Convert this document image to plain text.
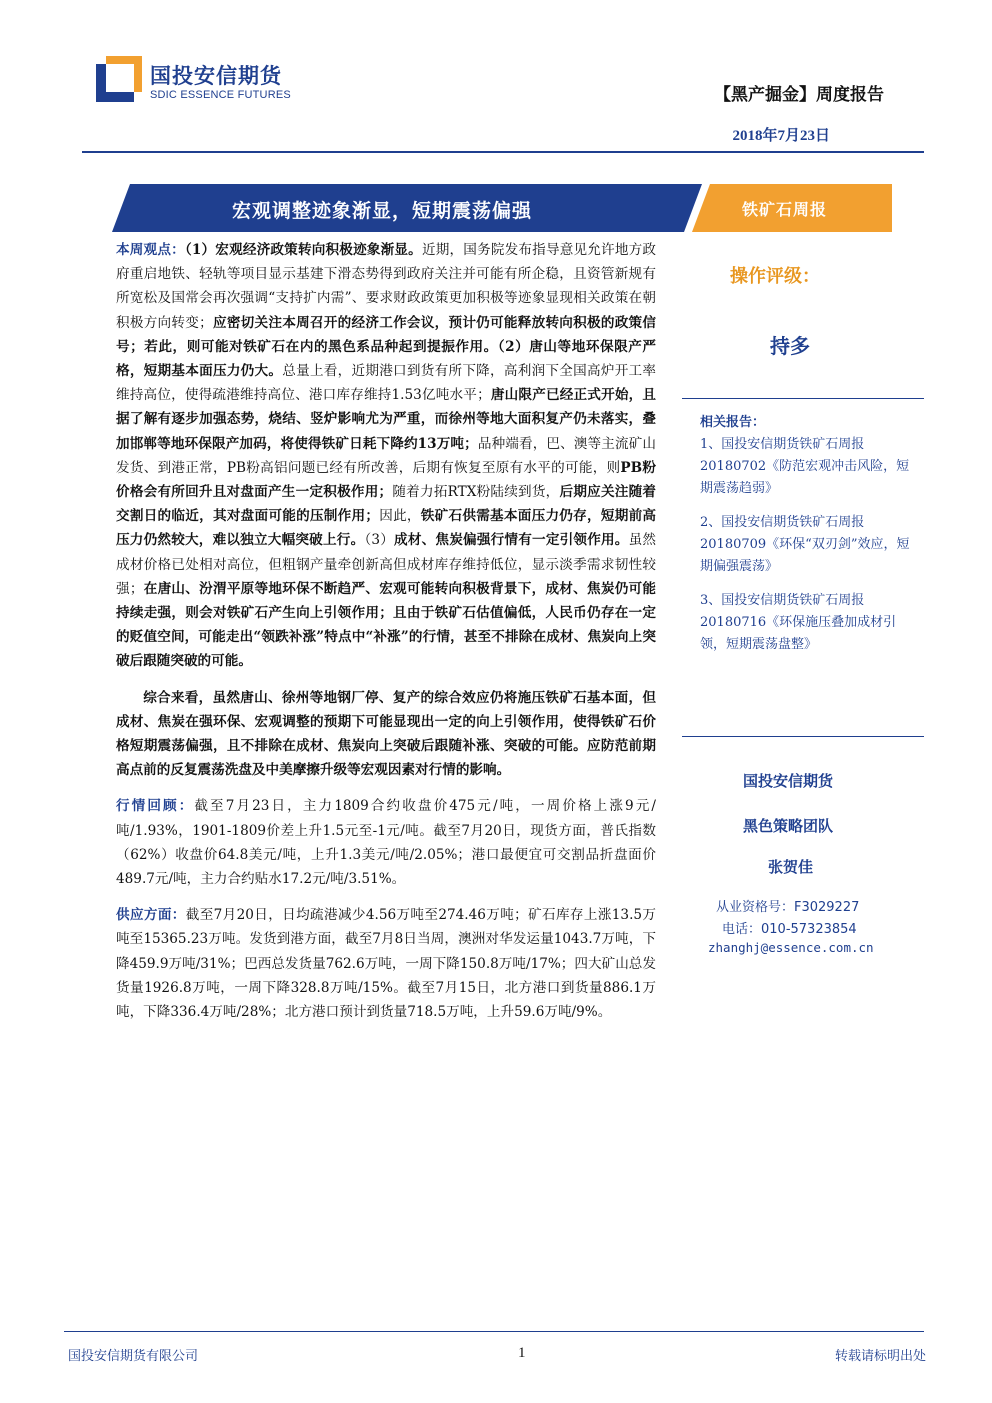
国投安信期货
SDIC ESSENCE FUTURES	【黑产掘金】周度报告
2018年7月23日
宏观调整迹象渐显，短期震荡偏强	铁矿石周报

本周观点：（1）宏观经济政策转向积极迹象渐显。近期，国务院发布指导意见允许地方政府重启地铁、轻轨等项目显示基建下滑态势得到政府关注并可能有所企稳，且资管新规有所宽松及国常会再次强调“支持扩内需”、要求财政政策更加积极等迹象显现相关政策在朝积极方向转变；应密切关注本周召开的经济工作会议，预计仍可能释放转向积极的政策信号；若此，则可能对铁矿石在内的黑色系品种起到提振作用。（2）唐山等地环保限产严格，短期基本面压力仍大。总量上看，近期港口到货有所下降，高利润下全国高炉开工率维持高位，使得疏港维持高位、港口库存维持1.53亿吨水平；唐山限产已经正式开始，且据了解有逐步加强态势，烧结、竖炉影响尤为严重，而徐州等地大面积复产仍未落实，叠加邯郸等地环保限产加码，将使得铁矿日耗下降约13万吨；品种端看，巴、澳等主流矿山发货、到港正常，PB粉高铝问题已经有所改善，后期有恢复至原有水平的可能，则PB粉价格会有所回升且对盘面产生一定积极作用；随着力拓RTX粉陆续到货，后期应关注随着交割日的临近，其对盘面可能的压制作用；因此，铁矿石供需基本面压力仍存，短期前高压力仍然较大，难以独立大幅突破上行。（3）成材、焦炭偏强行情有一定引领作用。虽然成材价格已处相对高位，但粗钢产量牵创新高但成材库存维持低位，显示淡季需求韧性较强；在唐山、汾渭平原等地环保不断趋严、宏观可能转向积极背景下，成材、焦炭仍可能持续走强，则会对铁矿石产生向上引领作用；且由于铁矿石估值偏低，人民币仍存在一定的贬值空间，可能走出“领跌补涨”特点中“补涨”的行情，甚至不排除在成材、焦炭向上突破后跟随突破的可能。

综合来看，虽然唐山、徐州等地钢厂停、复产的综合效应仍将施压铁矿石基本面，但成材、焦炭在强环保、宏观调整的预期下可能显现出一定的向上引领作用，使得铁矿石价格短期震荡偏强，且不排除在成材、焦炭向上突破后跟随补涨、突破的可能。应防范前期高点前的反复震荡洗盘及中美摩擦升级等宏观因素对行情的影响。

行情回顾：截至7月23日，主力1809合约收盘价475元/吨，一周价格上涨9元/吨/1.93%，1901-1809价差上升1.5元至-1元/吨。截至7月20日，现货方面，普氏指数（62%）收盘价64.8美元/吨，上升1.3美元/吨/2.05%；港口最便宜可交割品折盘面价489.7元/吨，主力合约贴水17.2元/吨/3.51%。

供应方面：截至7月20日，日均疏港减少4.56万吨至274.46万吨；矿石库存上涨13.5万吨至15365.23万吨。发货到港方面，截至7月8日当周，澳洲对华发运量1043.7万吨，下降459.9万吨/31%；巴西总发货量762.6万吨，一周下降150.8万吨/17%；四大矿山总发货量1926.8万吨，一周下降328.8万吨/15%。截至7月15日，北方港口到货量886.1万吨，下降336.4万吨/28%；北方港口预计到货量718.5万吨，上升59.6万吨/9%。

操作评级：
持多
相关报告：
1、国投安信期货铁矿石周报20180702《防范宏观冲击风险，短期震荡趋弱》
2、国投安信期货铁矿石周报20180709《环保“双刃剑”效应，短期偏强震荡》
3、国投安信期货铁矿石周报20180716《环保施压叠加成材引领，短期震荡盘整》
国投安信期货
黑色策略团队
张贺佳
从业资格号：F3029227
电话：010-57323854
zhanghj@essence.com.cn
国投安信期货有限公司	1	转载请标明出处
